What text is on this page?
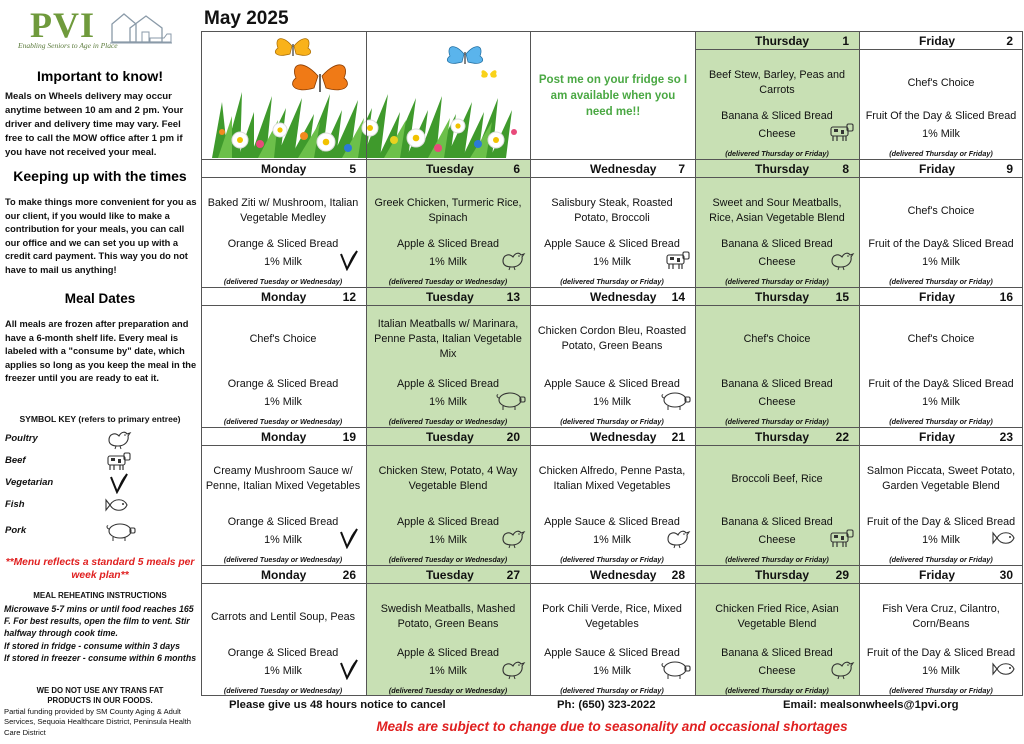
PVI
Enabling Seniors to Age in Place
Important to know!
Meals on Wheels delivery may occur anytime between 10 am and 2 pm. Your driver and delivery time may vary. Feel free to call the MOW office after 1 pm if you have not received your meal.
Keeping up with the times
To make things more convenient for you as our client, if you would like to make a contribution for your meals, you can call our office and we can set you up with a credit card payment. This way you do not have to mail us anything!
Meal Dates
All meals are frozen after preparation and have a 6-month shelf life. Every meal is labeled with a "consume by" date, which applies so long as you keep the meal in the freezer until you are ready to eat it.
SYMBOL KEY (refers to primary entree)
Poultry
Beef
Vegetarian
Fish
Pork
**Menu reflects a standard 5 meals per week plan**
MEAL REHEATING INSTRUCTIONS
Microwave 5-7 mins or until food reaches 165 F. For best results, open the film to vent. Stir halfway through cook time.
If stored in fridge - consume within 3 days
If stored in freezer - consume within 6 months
WE DO NOT USE ANY TRANS FAT PRODUCTS IN OUR FOODS.
Partial funding provided by SM County Aging & Adult Services, Sequoia Healthcare District, Peninsula Health Care District
May 2025
Post me on your fridge so I am available when you need me!!
Thursday	1
Beef Stew, Barley, Peas and Carrots
Banana & Sliced Bread
Cheese
(delivered Thursday or Friday)
Friday	2
Chef's Choice
Fruit Of the Day & Sliced Bread
1% Milk
(delivered Thursday or Friday)
Monday	5
Baked Ziti w/ Mushroom, Italian Vegetable Medley
Orange & Sliced Bread
1% Milk
(delivered Tuesday or Wednesday)
Tuesday	6
Greek Chicken, Turmeric Rice, Spinach
Apple & Sliced Bread
1% Milk
(delivered Tuesday or Wednesday)
Wednesday 7
Salisbury Steak, Roasted Potato, Broccoli
Apple Sauce & Sliced Bread
1% Milk
(delivered Thursday or Friday)
Thursday	8
Sweet and Sour Meatballs, Rice, Asian Vegetable Blend
Banana & Sliced Bread
Cheese
(delivered Thursday or Friday)
Friday	9
Chef's Choice
Fruit of the Day& Sliced Bread
1% Milk
(delivered Thursday or Friday)
Monday	12
Chef's Choice
Orange & Sliced Bread
1% Milk
(delivered Tuesday or Wednesday)
Tuesday	13
Italian Meatballs w/ Marinara, Penne Pasta, Italian Vegetable Mix
Apple & Sliced Bread
1% Milk
(delivered Tuesday or Wednesday)
Wednesday 14
Chicken Cordon Bleu, Roasted Potato, Green Beans
Apple Sauce & Sliced Bread
1% Milk
(delivered Thursday or Friday)
Thursday 15
Chef's Choice
Banana & Sliced Bread
Cheese
(delivered Thursday or Friday)
Friday	16
Chef's Choice
Fruit of the Day& Sliced Bread
1% Milk
(delivered Thursday or Friday)
Monday	19
Creamy Mushroom Sauce w/ Penne, Italian Mixed Vegetables
Orange & Sliced Bread
1% Milk
(delivered Tuesday or Wednesday)
Tuesday	20
Chicken Stew, Potato, 4 Way Vegetable Blend
Apple & Sliced Bread
1% Milk
(delivered Tuesday or Wednesday)
Wednesday 21
Chicken Alfredo, Penne Pasta, Italian Mixed Vegetables
Apple Sauce & Sliced Bread
1% Milk
(delivered Thursday or Friday)
Thursday 22
Broccoli Beef, Rice
Banana & Sliced Bread
Cheese
(delivered Thursday or Friday)
Friday	23
Salmon Piccata, Sweet Potato, Garden Vegetable Blend
Fruit of the Day & Sliced Bread
1% Milk
(delivered Thursday or Friday)
Monday	26
Carrots and Lentil Soup, Peas
Orange & Sliced Bread
1% Milk
(delivered Tuesday or Wednesday)
Tuesday	27
Swedish Meatballs, Mashed Potato, Green Beans
Apple & Sliced Bread
1% Milk
(delivered Tuesday or Wednesday)
Wednesday 28
Pork Chili Verde, Rice, Mixed Vegetables
Apple Sauce & Sliced Bread
1% Milk
(delivered Thursday or Friday)
Thursday 29
Chicken Fried Rice, Asian Vegetable Blend
Banana & Sliced Bread
Cheese
(delivered Thursday or Friday)
Friday	30
Fish Vera Cruz, Cilantro, Corn/Beans
Fruit of the Day & Sliced Bread
1% Milk
(delivered Thursday or Friday)
Please give us 48 hours notice to cancel	Ph: (650) 323-2022	Email: mealsonwheels@1pvi.org
Meals are subject to change due to seasonality and occasional shortages
